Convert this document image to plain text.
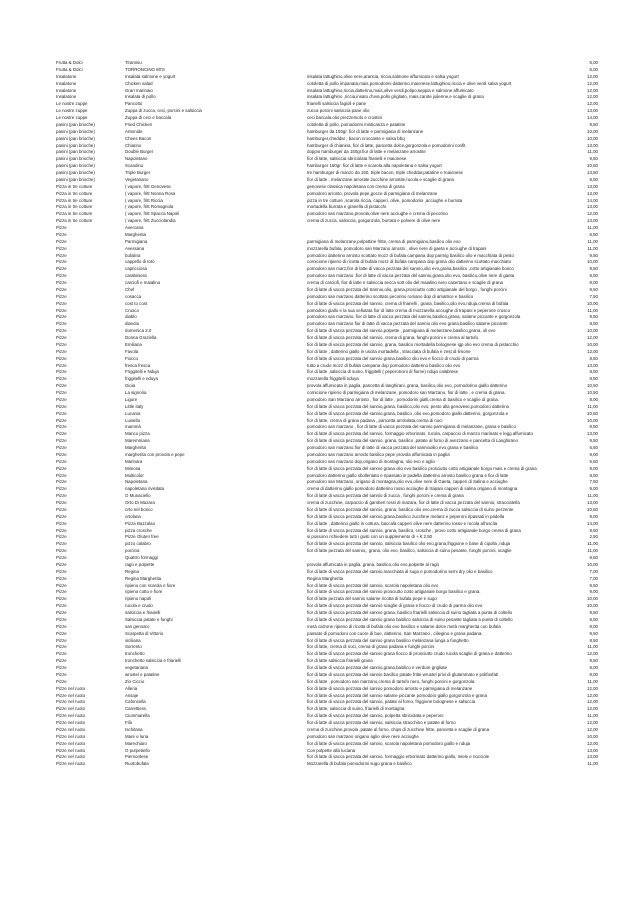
Frutta & Dolci	Tiramisu	6,00
Frutta & Dolci	TORRONCINO 80'S	6,00
Insalatone	Insalata salmone e yogurt	insalata lattughino,olive nere,arancia, riccia,salmone affumicato e salsa yogurt	12,00
Insalatone	Chicken salad	cotoletta di pollo impanata,mais,pomodorini datterino,maionese,lattughino,riccia e olive verdi salsa yogurt	12,00
Insalatone	Gran marinaio	insalata lattughino,riccia,datterino,mais,olive verdi,polipo,seppia e salmone affumicato	12,00
Insalatone	Insalata di pollo	insalata lattughino ,riccia,insato d'uva,pollo grigliato, mais,carote julienne,e scaglie di grana	12,00
Le nostre zuppe	Pancotto	friarielli salsiccia fagioli e pane	12,00
Le nostre zuppe	Zuppa di zucca, ceci, porcini e salsiccia	zucca porcini salsiccia pane olio	13,00
Le nostre zuppe	Zuppa di ceci e baccala	ceci baccala olio prezzemolo e crostini	14,00
panini (pan brioche)	Fried Chicken	cotoletta di pollo, pomodorini misticanza e patatine	9,50
panini (pan brioche)	Artemide	hamburger da 150gr. fior di latte e parmigiana di melanzane	10,00
panini (pan brioche)	Chees Bacon	hamburger,cheddar , bacon croccante e salsa bbq	10,00
panini (pan brioche)	Chiarino	hamburger di chianina, fior di latte, pancetta dolce,gorgonzola e pomodorini confit	13,00
panini (pan brioche)	Double Burger	doppio hamburger da 150gr.fior di latte e melanzane arrostite	11,00
panini (pan brioche)	Napoletano	fior di latte, salsiccia sbriciolata friarielli e maionese	9,50
panini (pan brioche)	Scandino	hamburger 150gr. fior di latte e scarola alla napoletana e salsa yogurt	10,50
panini (pan brioche)	Triple Burger	tre hamburger di manzo da 150, triple bacon, triple cheddar,patatine e maionese	13,50
panini (pan brioche)	Vegetariano	fior di latte , melanzane arrostite,zucchine arrostite,rucola e scaglie di grana	9,50
Pizza in tre cotture	( vapore, fritt Genovese	genovese classica napoletana con crema di grana	13,00
Pizza in tre cotture	( vapore, fritt Nonna Rosa	pomodoro arrosto, provola pepe,gocce di parmigiana di melanzane	13,00
Pizza in tre cotture	( vapore, fritt Riccia	pizza in tre cotture ,scarola riccia, capperi, olive, pomodorini ,acciughe e burrata	14,00
Pizza in tre cotture	( vapore, fritt Romagnola	mortadella burrata e granella di pistacchi	13,00
Pizza in tre cotture	( vapore, fritt Spacca Napoli	pomodoro san marzano,provola,olive nere acciughe e crema di pecorino	12,00
Pizza in tre cotture	( vapore, fritt Zucciolandia	crema di zucca, salsiccia, gorgonzola, burrata e polvere di olive nere	13,00
Pizze	Avercana	11,00
Pizze	Margherita	6,50
Pizze	Parmigiana	parmigiana di melanzane,polpettine fritte, crema di parmigiano,basilico olio evo	11,00
Pizze	Avessana	mozzarella bufala, pomodoro san Marzano arrosto , olive nere di gaeta e acciughe di trapani	11,00
Pizze	bufalina	pomodoro datterino arrosto scottato mozz di bufala campana dop parmig basilico olio e macchiata di pesto	9,50
Pizze	cappello di totò	cornicione ripieno di ricotta di bufala mozz di bufala campana dop grana olio datterino scottato macchiato	10,00
Pizze	capricciosa	pomodoro san marz,fior di latte di vacca pezzata del sannio,olio evo,grana,basilico ,cotto artigianale bosco	9,50
Pizze	carabiniera	pomodoro san marzano ,fior di latte di vacca pezzata del sannio,grana,olio evo, basilico,olive nere di gaeta	9,50
Pizze	carciofi e maialino	crema di carciofi, fior di latte e salsiccia secca sott olio del maialino nero casertano e scaglie di grana	9,00
Pizze	Chef	fior di latte di vacca pezzata del Sannio,olio, grana,prosciutto cotto artigianale del borgo , funghi porcini	9,50
Pizze	cosacca	pomodoro san marzano datterino scottato pecorino romano dop di amatrice e basilico	7,50
Pizze	cost to cost	fior di latte di vacca pezzata del sannio, crema di friarielli , grana, basilico,olio evo,nduja,crema di bufala	10,00
Pizze	Crusco	pomodoro giallo e la sua vellutata fior di latte crema di mozzarella acciughe di trapani e peperone crusco	11,00
Pizze	diablo	pomodoro san marzano, fior di latte di vacca pezzata del sannio,basilico,grana, salame piccante e gorgonzola	9,50
Pizze	diavola	pomodoro san marzano fior di latte di vacca pezzata del sannio olio evo grana,basilico salame piccante	8,50
Pizze	domenica 2.0	fior di latte di vacca pezzata del sannio,polpette , parmigiana di melanzane,basilico,grana, oli evo	10,00
Pizze	Donna Graziella	fior di latte di vacca pezzata del sannio, crema di grana, funghi porcini e crema al tartufo	12,00
Pizze	Emiliana	fior di latte di vacca pezzata del sannio, grana, basilico mortadella bolognese igp olio evo crema di pistacchio	10,00
Pizze	Favola	fior di latte , datterino giallo in uscita mortadella , stracciata di bufala e zest di limone	12,00
Pizze	Fiocco	fior di latte di vacca pezzata del sannio grana,basilico olio evo e fiocco di crudo di parma	8,50
Pizze	fresca fresca	tutto a crudo mozz di bufala campana dop pomodoro datterino basilico olio evo	13,00
Pizze	Friggitelli e Nduja	fior di latte ,salsiccia di suino, friggitelli ( peperoncini di fiume) nduja calabrese	8,50
Pizze	friggitelli e nduya	mozzarella friggitelli nduya	8,50
Pizze	Gioia	provola affumicata in paglia, pancetta di langhirani, grana, basilico,olio evo, pomodorino giallo datterino	10,50
Pizze	La signoria	cornicione ripieno di parmigiana di melanzane, pomodoro san Marzano, fior di latte , e crema di grana.	10,50
Pizze	Ligure	pomodoro San Marzano arrosto , fior di latte , pomodorini gialli,crema di basilico e scaglie di grana.	8,00
Pizze	Little italy	fior di latte di vacca pezzata del sannio,grana, basilico,olio evo, pesto alla genovese,pomodoro datterino	11,00
Pizze	Lucania	fior di latte di vacca pezzata del sannio,grana, basilico ,olio evo,pomodoro giallo datterino, gorgonzola e	10,50
Pizze	Luisella	fior di latte, crema di grana padana , pancetta arrotolata,crema di noci	10,00
Pizze	mammà	pomodoro san marzano , fior di latte di vacca pezzata del sannio parmigiana di melanzane, grana e basilico	9,50
Pizze	Manco pizza	fior di latte di vacca pezzata del sannio, formaggio erborinato, rucola, carpaccio di manzo marinato e legg.affumicato	13,00
Pizze	Maremmana	fior di latte di vacca pezzata del sannio, grana, basilico ,patate al forno di avezzano e pancetta di Langhirano	9,50
Pizze	Margherita	pomodoro san marzano,fior di latte di vacca pezzata del sanniooliio evo grana e basilico	6,50
Pizze	margherita con provola e pepe	pomodoro san marzano arrosto basilico pepe provola affumicata in paglia	9,00
Pizze	Marinara	pomodoro san marzano dop,origano di montagna, olio evo e aglio	5,50
Pizze	Mimosa	fior di latte di vacca pezzata del sannio grana olio evo basilico prosciutto cotto artigianale borgo mais e crema di grana	9,00
Pizze	Multicolor	pomodoro datterino giallo sbollentato e ripassato in padella datterino arrosto basilico grana e fior di latte	8,50
Pizze	Napoletana	pomodoro san Marzano, origano di montagna,olio evo,olive nere di Gaeta, capperi di Salina e acciughe	7,50
Pizze	napoletana rivisitata	crema di datterino giallo pomodoro datterino rosso acciughe di trapani capperi di salina origano di montagna	9,00
Pizze	O Munaciello	fior di latte di vacca pezzata del sannio di zucca , funghi porcini e crema di grana	11,00
Pizze	Orto Di Mazara	crema di zucchine, carpaccio di gamberi rossi di mazara, fior di latte di vacca pezzata del sannio, stracciatella	13,00
Pizze	orto nel bosco	fior di latte di vacca pezzata del sannio, grana, basilico olio evo,crema di zucca salsiccia di suino pezzente	10,50
Pizze	ortolana	fior di latte di vacca pezzata del sannio,grana,basilico zucchine melanz e peperoni ripassati in padella	9,00
Pizze	Pizza Bazzalao	fior di latte , datterino giallo in cottura, baccalà capperi olive nere datterino rosso e rucola all'uscita	14,00
Pizze	pizza crosche	fior di latte di vacca pezzata del sannio, grana, basilico, crosche , provo cotto artigianale borgo crema di grana	9,50
Pizze	Pizze Gluten free	si possono richiedere tutti i gusti con un supplemento di + € 2,50	2,50
Pizze	pizzo calabro	fior di latte di vacca pezzata del sannio, salsiccia basilico olio evo,grana,friggione e base di cipolla ,nduja	11,00
Pizze	porcina	fior di latte pezzata del sannio,, grana, olio evo, basilico, salsiccia di suino pesante, funghi porcini, scaglie	11,00
Pizze	Quattro formaggi	9,50
Pizze	ragù e polpette	provola affumicata in paglia, grana, basilico,olio evo,polpette al ragù	10,00
Pizze	Regina	fior di latte di vacca pezzata del sannio,macchiata al sugo e pomodorino semi dry olio e basilico	7,00
Pizze	Regina Margherita	Regina Margherita	7,00
Pizze	ripieno con scarola e fiore	fior di latte di vacca pezzata del sannio, scarola napoletana olio evo	9,50
Pizze	ripieno cotto e fiore	fior di latte di vacca pezzata del sannio prosciutto cotto artigianale borgo basilico e grana.	9,00
Pizze	ripieno napoli	fior di latte pezzata del sannio salame ricotta di bufala pepe e sugo	10,00
Pizze	rucola e crudo	fior di latte di vacca pezzata del sannio scaglie di grana e fiocco di crudo di parma olio evo	10,00
Pizze	salsiccia e friarielli	fior di latte di vacca pezzata del sannio grana, basilico friarielli salsiccia di suino tagliata a punta di coltello	9,50
Pizze	Salsiccia patate e funghi	fior di latte di vacca pezzata del sannio grana basilico salsiccia di suino pesante tagliata a punta di coltello	9,50
Pizze	san gennaro	metà calzone ripieno di ricotta di bufala olio evo basilico e salame dolce metà margherita con bufala	9,00
Pizze	Scarpetta di Vittorio	passato di pomodoro con cuore di bue, datterino, San Marzano , ciliegino e grana padana.	9,50
Pizze	siciliana	fior di latte di vacca pezzata del sannio grana basilico melanzana lunga a funghetto	8,50
Pizze	Sorrento	fior di latte, crema di noci, crema di grana padana e funghi porcini	11,00
Pizze	tronchetto	fior di latte di vacca pezzata del sannio grana fiocco di prosciutto crudo rucola scaglie di grana e datterino	12,00
Pizze	tronchetto salsiccia e friarielli	fior di latte salsiccia friarielli grana	9,50
Pizze	vegetariana	fior di latte di vacca pezzata del sannio,grana,basilico e verdure grigliate	9,00
Pizze	wrustel e patatine	fior di latte di vacca pezzata del sannio basilico patate fritte wrustel privi di glutammato e polifosfati	9,00
Pizze	Zio Ciccio	fior di latte , pomodoro san marzano,crema di tartufo nero, funghi porcini e gorgonzola.	11,00
Pizze nel ruoto	Alleria	fior di latte di vacca pezzata del sannio pomodoro arrosto e parmigiana di melanzane	12,00
Pizze nel ruoto	Assaje	fior di latte di vacca pezzata del sannio salame piccante pomodoro giallo gorgonzola e grana	12,00
Pizze nel ruoto	Cafoncella	fior di latte di vacca pezzata del sannio, patate al forno, friggione bolognese e salsiccia	12,00
Pizze nel ruoto	Carrettiera	fior di latte, salsiccia di suino, friarielli di montagna	12,00
Pizze nel ruoto	Ciummarella	fior di latte di vacca pezzata del sannio, polpetta sbriciolata e peperoni	11,00
Pizze nel ruoto	Filù	fior di latte di vacca pezzata del sannio, salsiccia stracchino e patate al forno	12,00
Pizze nel ruoto	Ischitana	crema di zucchine,provola ,patate al forno, chips di zucchine fritte, pancetta e scaglie di grana	12,00
Pizze nel ruoto	Mare e luna	pomodoro san marzano origano aglio olive nere acciughe	10,00
Pizze nel ruoto	Marechiaro	fior di latte di vacca pezzata del sannio, scarola napoletana pomodoro giallo e nduja	12,00
Pizze nel ruoto	O purpetiello	Con polpette alla luciana	13,00
Pizze nel ruoto	Piemontese	fior di latte di vacca pezzata del sannio, formaggio erborinato datterino giallo, miele e nocciole	13,00
Pizze nel ruoto	Ruotobufala	Mozzarella di bufala pomodorini sugo grana e basilico	11,00
